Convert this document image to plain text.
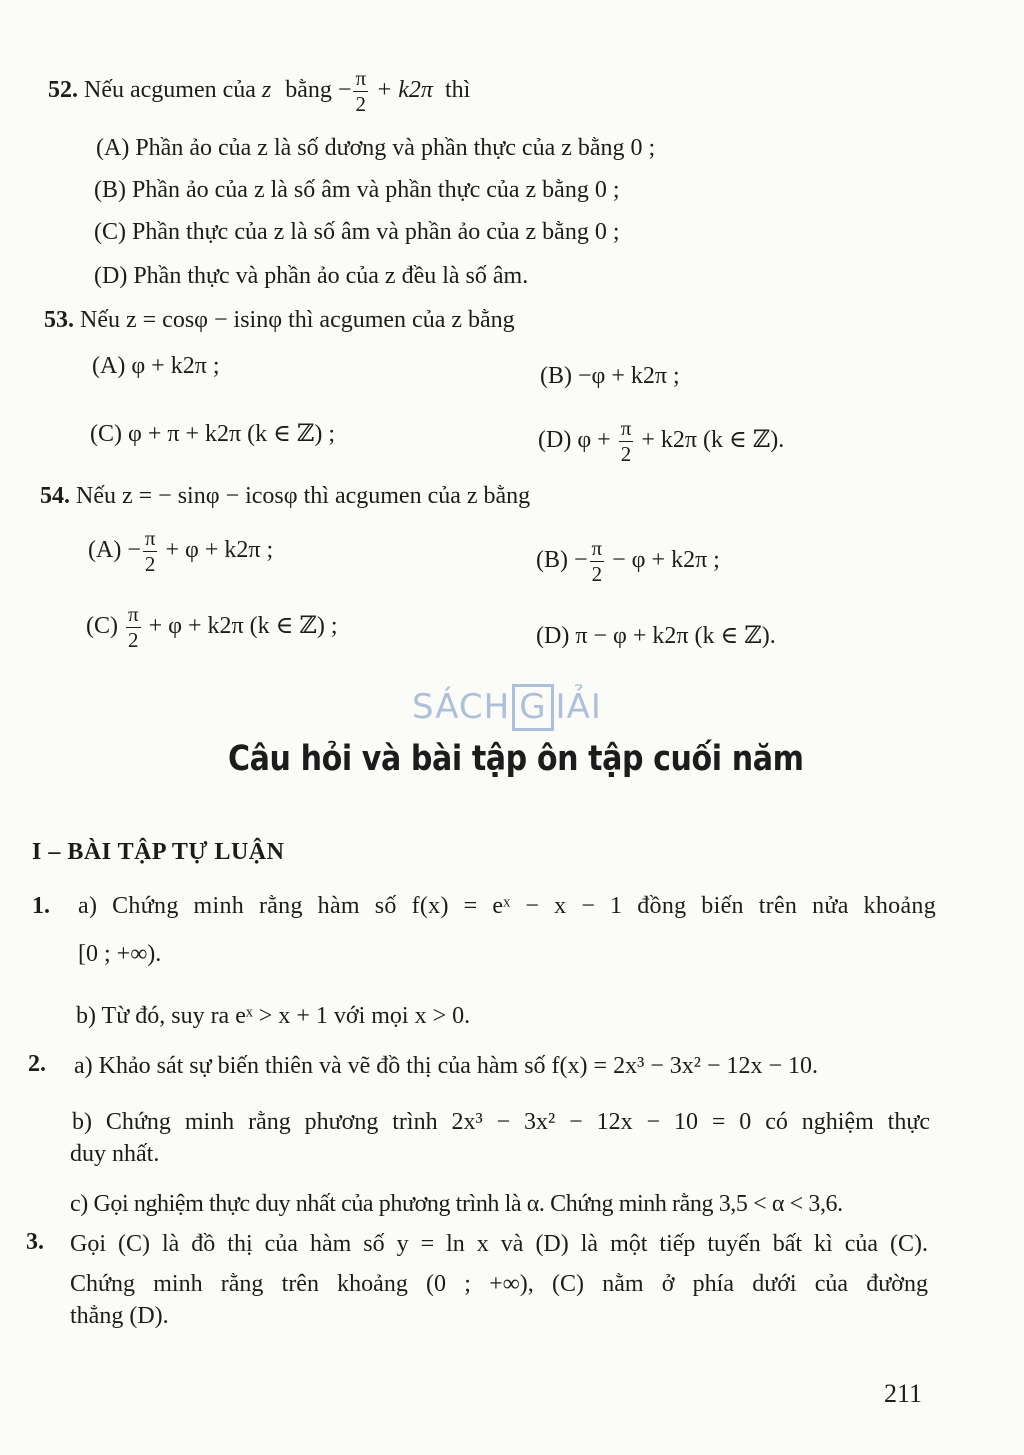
52. Nếu acgumen của z bằng − $\frac{\pi}{2} + k2\pi$ thì
(A) Phần ảo của z là số dương và phần thực của z bằng 0 ;
(B) Phần ảo của z là số âm và phần thực của z bằng 0 ;
(C) Phần thực của z là số âm và phần ảo của z bằng 0 ;
(D) Phần thực và phần ảo của z đều là số âm.
53. Nếu z = cosφ − isinφ thì acgumen của z bằng
(A) φ + k2π ;	(B) −φ + k2π ;
(C) φ + π + k2π (k ∈ ℤ) ;	(D) $\varphi + \frac{\pi}{2} + k2\pi$ (k ∈ ℤ).
54. Nếu z = − sinφ − icosφ thì acgumen của z bằng
$(A) - \frac{\pi}{2} + \varphi + k2\pi$ ;	$(B) - \frac{\pi}{2} - \varphi + k2\pi$ ;
$(C) \frac{\pi}{2} + \varphi + k2\pi$ (k ∈ ℤ) ;	(D) π − φ + k2π (k ∈ ℤ).
SÁCH G IẢI
Câu hỏi và bài tập ôn tập cuối năm
I – BÀI TẬP TỰ LUẬN
1. a) Chứng minh rằng hàm số f(x) = eˣ − x − 1 đồng biến trên nửa khoảng
[0 ; +∞).
b) Từ đó, suy ra eˣ > x + 1 với mọi x > 0.
2. a) Khảo sát sự biến thiên và vẽ đồ thị của hàm số f(x) = 2x³ − 3x² − 12x − 10.
b) Chứng minh rằng phương trình 2x³ − 3x² − 12x − 10 = 0 có nghiệm thực
duy nhất.
c) Gọi nghiệm thực duy nhất của phương trình là α. Chứng minh rằng 3,5 < α < 3,6.
3. Gọi (C) là đồ thị của hàm số y = ln x và (D) là một tiếp tuyến bất kì của (C).
Chứng minh rằng trên khoảng (0 ; +∞), (C) nằm ở phía dưới của đường
thẳng (D).
211
